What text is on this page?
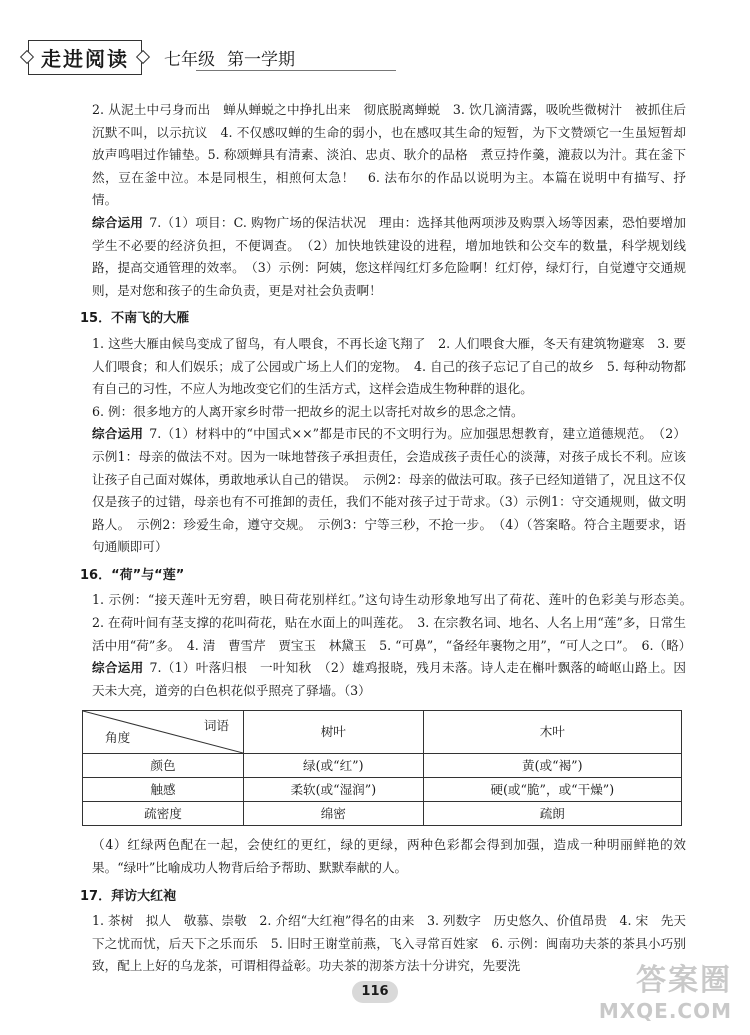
走进阅读	七年级 第一学期

2. 从泥土中弓身而出　蝉从蝉蜕之中挣扎出来　彻底脱离蝉蜕　3. 饮几滴清露，吸吮些微树汁　被抓住后沉默不叫，以示抗议　4. 不仅感叹蝉的生命的弱小，也在感叹其生命的短暂，为下文赞颂它一生虽短暂却放声鸣唱过作铺垫。5. 称颂蝉具有清素、淡泊、忠贞、耿介的品格　煮豆持作羹，漉菽以为汁。萁在釜下然，豆在釜中泣。本是同根生，相煎何太急！　6. 法布尔的作品以说明为主。本篇在说明中有描写、抒情。

综合运用 7.（1）项目：C. 购物广场的保洁状况　理由：选择其他两项涉及购票入场等因素，恐怕要增加学生不必要的经济负担，不便调查。　（2）加快地铁建设的进程，增加地铁和公交车的数量，科学规划线路，提高交通管理的效率。　（3）示例：阿姨，您这样闯红灯多危险啊！红灯停，绿灯行，自觉遵守交通规则，是对您和孩子的生命负责，更是对社会负责啊！

15．不南飞的大雁

1. 这些大雁由候鸟变成了留鸟，有人喂食，不再长途飞翔了　2. 人们喂食大雁，冬天有建筑物避寒　3. 要人们喂食；和人们娱乐；成了公园或广场上人们的宠物。　4. 自己的孩子忘记了自己的故乡　5. 每种动物都有自己的习性，不应人为地改变它们的生活方式，这样会造成生物种群的退化。

6. 例：很多地方的人离开家乡时带一把故乡的泥土以寄托对故乡的思念之情。

综合运用 7.（1）材料中的“中国式××”都是市民的不文明行为。应加强思想教育，建立道德规范。　（2）示例1：母亲的做法不对。因为一味地替孩子承担责任，会造成孩子责任心的淡薄，对孩子成长不利。应该让孩子自己面对媒体，勇敢地承认自己的错误。　示例2：母亲的做法可取。孩子已经知道错了，况且这不仅仅是孩子的过错，母亲也有不可推卸的责任，我们不能对孩子过于苛求。（3）示例1：守交通规则，做文明路人。　示例2：珍爱生命，遵守交规。　示例3：宁等三秒，不抢一步。　（4）（答案略。符合主题要求，语句通顺即可）

16．“荷”与“莲”

1. 示例：“接天莲叶无穷碧，映日荷花别样红。”这句诗生动形象地写出了荷花、莲叶的色彩美与形态美。　2. 在荷叶间有茎支撑的花叫荷花，贴在水面上的叫莲花。　3. 在宗教名词、地名、人名上用“莲”多，日常生活中用“荷”多。　4. 清　曹雪芹　贾宝玉　林黛玉　5. “可鼻”，“备经年裹物之用”，“可人之口”。　6.（略）

综合运用 7.（1）叶落归根　一叶知秋　（2）雄鸡报晓，残月未落。诗人走在槲叶飘落的崎岖山路上。因天未大亮，道旁的白色枳花似乎照亮了驿墙。（3）

词语
角度	树叶	木叶
颜色	绿(或“红”)	黄(或“褐”)
触感	柔软(或“湿润”)	硬(或“脆”，或“干燥”)
疏密度	绵密	疏朗

（4）红绿两色配在一起，会使红的更红，绿的更绿，两种色彩都会得到加强，造成一种明丽鲜艳的效果。“绿叶”比喻成功人物背后给予帮助、默默奉献的人。

17．拜访大红袍

1. 茶树　拟人　敬慕、崇敬　2. 介绍“大红袍”得名的由来　3. 列数字　历史悠久、价值昂贵　4. 宋　先天下之忧而忧，后天下之乐而乐　5. 旧时王谢堂前燕，飞入寻常百姓家　6. 示例：闽南功夫茶的茶具小巧别致，配上上好的乌龙茶，可谓相得益彰。功夫茶的沏茶方法十分讲究，先要洗

116	答案圈
MXQE.COM
